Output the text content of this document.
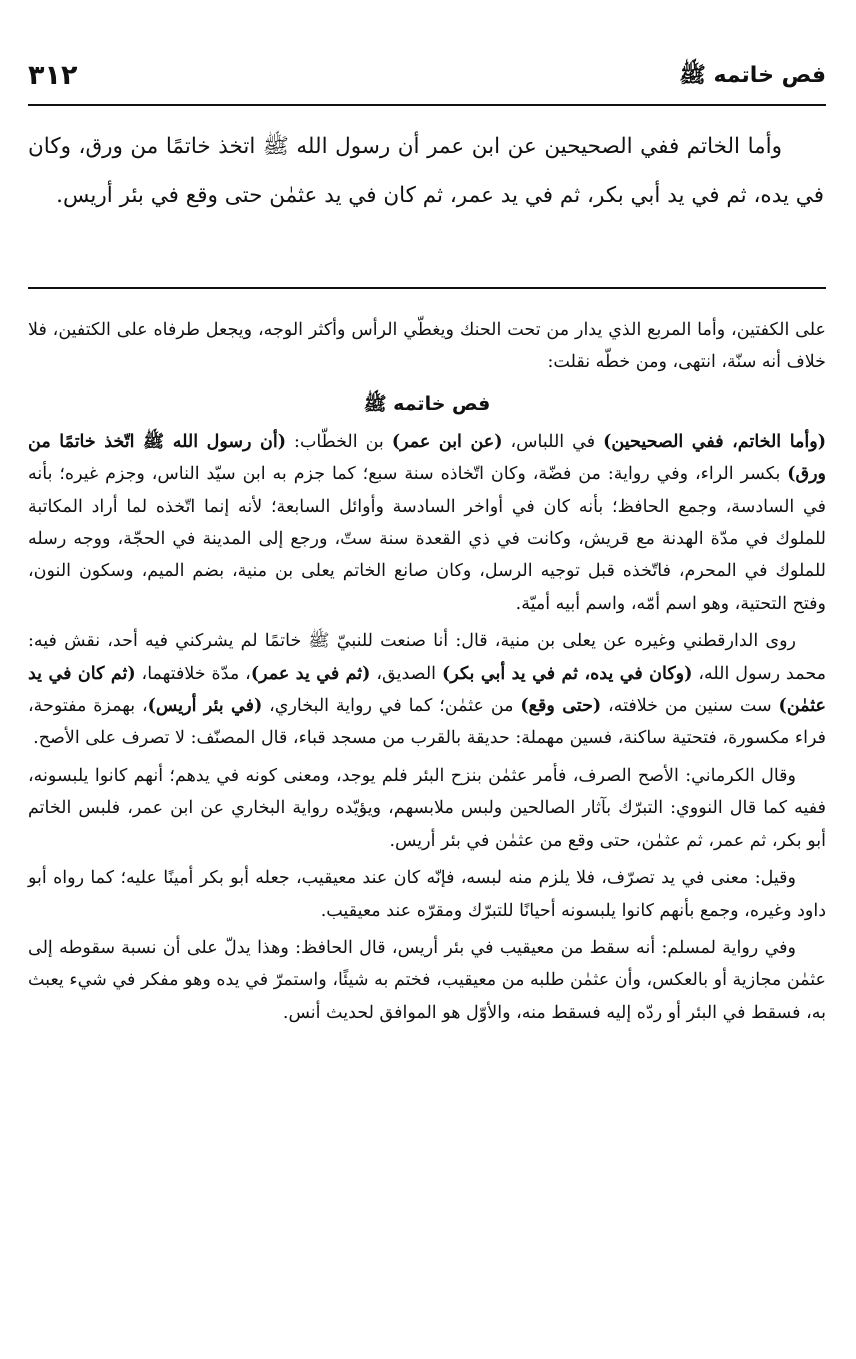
٣١٢	فص خاتمه ﷺ

وأما الخاتم ففي الصحيحين عن ابن عمر أن رسول الله ﷺ اتخذ خاتمًا من ورق، وكان في يده، ثم في يد أبي بكر، ثم في يد عمر، ثم كان في يد عثمٰن حتى وقع في بئر أريس.

على الكفتين، وأما المربع الذي يدار من تحت الحنك ويغطّي الرأس وأكثر الوجه، ويجعل طرفاه على الكتفين، فلا خلاف أنه سنّة، انتهى، ومن خطّه نقلت:

فص خاتمه ﷺ

(وأما الخاتم، ففي الصحيحين) في اللباس، (عن ابن عمر) بن الخطّاب: (أن رسول الله ﷺ اتّخذ خاتمًا من ورق) بكسر الراء، وفي رواية: من فضّة، وكان اتّخاذه سنة سبع؛ كما جزم به ابن سيّد الناس، وجزم غيره؛ بأنه في السادسة، وجمع الحافظ؛ بأنه كان في أواخر السادسة وأوائل السابعة؛ لأنه إنما اتّخذه لما أراد المكاتبة للملوك في مدّة الهدنة مع قريش، وكانت في ذي القعدة سنة ستّ، ورجع إلى المدينة في الحجّة، ووجه رسله للملوك في المحرم، فاتّخذه قبل توجيه الرسل، وكان صانع الخاتم يعلى بن منية، بضم الميم، وسكون النون، وفتح التحتية، وهو اسم أمّه، واسم أبيه أميّة.

روى الدارقطني وغيره عن يعلى بن منية، قال: أنا صنعت للنبيّ ﷺ خاتمًا لم يشركني فيه أحد، نقش فيه: محمد رسول الله، (وكان في يده، ثم في يد أبي بكر) الصديق، (ثم في يد عمر)، مدّة خلافتهما، (ثم كان في يد عثمٰن) ست سنين من خلافته، (حتى وقع) من عثمٰن؛ كما في رواية البخاري، (في بئر أريس)، بهمزة مفتوحة، فراء مكسورة، فتحتية ساكنة، فسين مهملة: حديقة بالقرب من مسجد قباء، قال المصنّف: لا تصرف على الأصح.

وقال الكرماني: الأصح الصرف، فأمر عثمٰن بنزح البئر فلم يوجد، ومعنى كونه في يدهم؛ أنهم كانوا يلبسونه، ففيه كما قال النووي: التبرّك بآثار الصالحين ولبس ملابسهم، ويؤيّده رواية البخاري عن ابن عمر، فلبس الخاتم أبو بكر، ثم عمر، ثم عثمٰن، حتى وقع من عثمٰن في بئر أريس.

وقيل: معنى في يد تصرّف، فلا يلزم منه لبسه، فإنّه كان عند معيقيب، جعله أبو بكر أمينًا عليه؛ كما رواه أبو داود وغيره، وجمع بأنهم كانوا يلبسونه أحيانًا للتبرّك ومقرّه عند معيقيب.

وفي رواية لمسلم: أنه سقط من معيقيب في بئر أريس، قال الحافظ: وهذا يدلّ على أن نسبة سقوطه إلى عثمٰن مجازية أو بالعكس، وأن عثمٰن طلبه من معيقيب، فختم به شيئًا، واستمرّ في يده وهو مفكر في شيء يعبث به، فسقط في البئر أو ردّه إليه فسقط منه، والأوّل هو الموافق لحديث أنس.
